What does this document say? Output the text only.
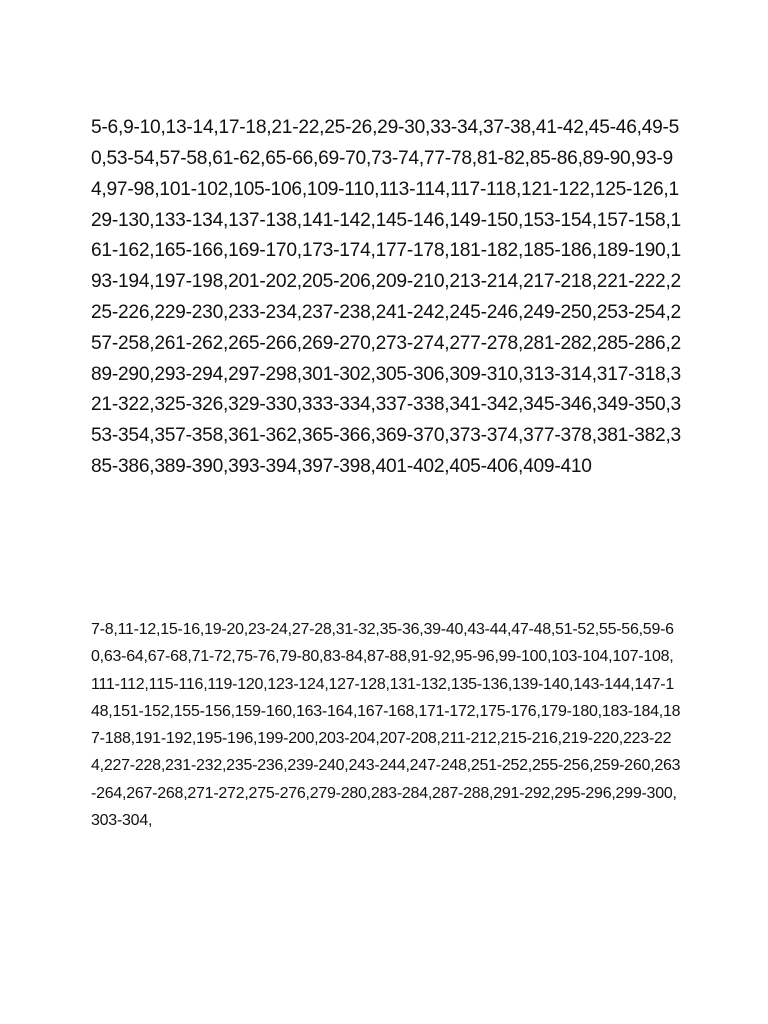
5-6,9-10,13-14,17-18,21-22,25-26,29-30,33-34,37-38,41-42,45-46,49-50,53-54,57-58,61-62,65-66,69-70,73-74,77-78,81-82,85-86,89-90,93-94,97-98,101-102,105-106,109-110,113-114,117-118,121-122,125-126,129-130,133-134,137-138,141-142,145-146,149-150,153-154,157-158,161-162,165-166,169-170,173-174,177-178,181-182,185-186,189-190,193-194,197-198,201-202,205-206,209-210,213-214,217-218,221-222,225-226,229-230,233-234,237-238,241-242,245-246,249-250,253-254,257-258,261-262,265-266,269-270,273-274,277-278,281-282,285-286,289-290,293-294,297-298,301-302,305-306,309-310,313-314,317-318,321-322,325-326,329-330,333-334,337-338,341-342,345-346,349-350,353-354,357-358,361-362,365-366,369-370,373-374,377-378,381-382,385-386,389-390,393-394,397-398,401-402,405-406,409-410

7-8,11-12,15-16,19-20,23-24,27-28,31-32,35-36,39-40,43-44,47-48,51-52,55-56,59-60,63-64,67-68,71-72,75-76,79-80,83-84,87-88,91-92,95-96,99-100,103-104,107-108,111-112,115-116,119-120,123-124,127-128,131-132,135-136,139-140,143-144,147-148,151-152,155-156,159-160,163-164,167-168,171-172,175-176,179-180,183-184,187-188,191-192,195-196,199-200,203-204,207-208,211-212,215-216,219-220,223-224,227-228,231-232,235-236,239-240,243-244,247-248,251-252,255-256,259-260,263-264,267-268,271-272,275-276,279-280,283-284,287-288,291-292,295-296,299-300,303-304,
